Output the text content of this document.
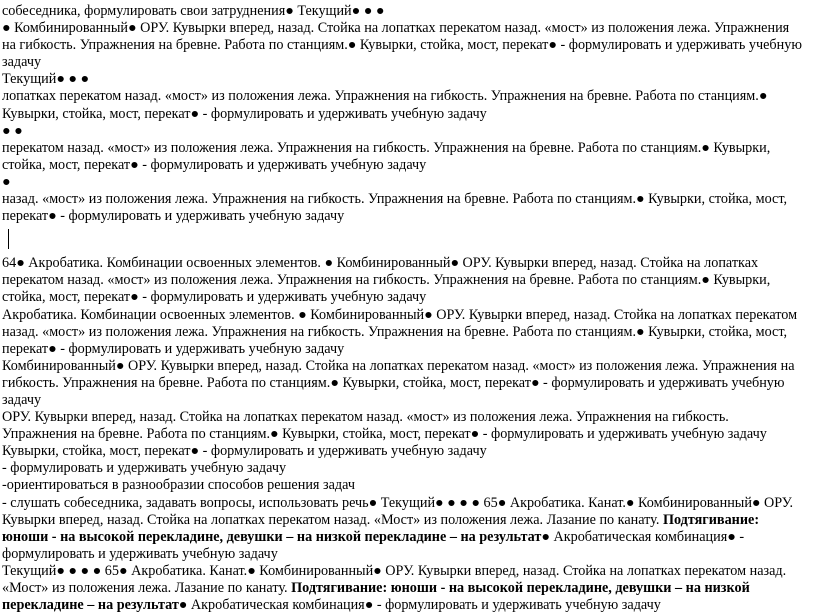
собеседника, формулировать свои затруднения● Текущий● ● ●

● Комбинированный● ОРУ. Кувырки вперед, назад. Стойка на лопатках перекатом назад. «мост» из положения лежа. Упражнения на гибкость. Упражнения на бревне. Работа по станциям.● Кувырки, стойка, мост, перекат● - формулировать и удерживать учебную задачу

Текущий● ● ●

лопатках перекатом назад. «мост» из положения лежа. Упражнения на гибкость. Упражнения на бревне. Работа по станциям.● Кувырки, стойка, мост, перекат● - формулировать и удерживать учебную задачу

● ●

перекатом назад. «мост» из положения лежа. Упражнения на гибкость. Упражнения на бревне. Работа по станциям.● Кувырки, стойка, мост, перекат● - формулировать и удерживать учебную задачу

●

назад. «мост» из положения лежа. Упражнения на гибкость. Упражнения на бревне. Работа по станциям.● Кувырки, стойка, мост, перекат● - формулировать и удерживать учебную задачу

64● Акробатика. Комбинации освоенных элементов. ● Комбинированный● ОРУ. Кувырки вперед, назад. Стойка на лопатках перекатом назад. «мост» из положения лежа. Упражнения на гибкость. Упражнения на бревне. Работа по станциям.● Кувырки, стойка, мост, перекат● - формулировать и удерживать учебную задачу

Акробатика. Комбинации освоенных элементов. ● Комбинированный● ОРУ. Кувырки вперед, назад. Стойка на лопатках перекатом назад. «мост» из положения лежа. Упражнения на гибкость. Упражнения на бревне. Работа по станциям.● Кувырки, стойка, мост, перекат● - формулировать и удерживать учебную задачу

Комбинированный● ОРУ. Кувырки вперед, назад. Стойка на лопатках перекатом назад. «мост» из положения лежа. Упражнения на гибкость. Упражнения на бревне. Работа по станциям.● Кувырки, стойка, мост, перекат● - формулировать и удерживать учебную задачу

ОРУ. Кувырки вперед, назад. Стойка на лопатках перекатом назад. «мост» из положения лежа. Упражнения на гибкость. Упражнения на бревне. Работа по станциям.● Кувырки, стойка, мост, перекат● - формулировать и удерживать учебную задачу

Кувырки, стойка, мост, перекат● - формулировать и удерживать учебную задачу

- формулировать и удерживать учебную задачу

-ориентироваться в разнообразии способов решения задач

- слушать собеседника, задавать вопросы, использовать речь● Текущий● ● ● ● 65● Акробатика. Канат.● Комбинированный● ОРУ. Кувырки вперед, назад. Стойка на лопатках перекатом назад. «Мост» из положения лежа. Лазание по канату. Подтягивание: юноши - на высокой перекладине, девушки – на низкой перекладине – на результат● Акробатическая комбинация● - формулировать и удерживать учебную задачу

Текущий● ● ● ● 65● Акробатика. Канат.● Комбинированный● ОРУ. Кувырки вперед, назад. Стойка на лопатках перекатом назад. «Мост» из положения лежа. Лазание по канату. Подтягивание: юноши - на высокой перекладине, девушки – на низкой перекладине – на результат● Акробатическая комбинация● - формулировать и удерживать учебную задачу
